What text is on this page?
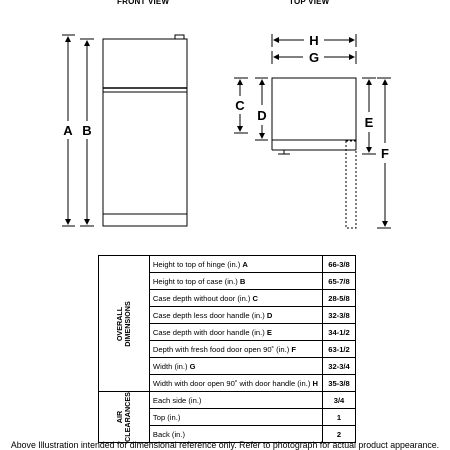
FRONT VIEW	TOP VIEW
A B
H
G
C
D	E
F
OVERALL DIMENSIONS	Height to top of hinge (in.) A	66-3/8
	Height to top of case (in.) B	65-7/8
	Case depth without door (in.) C	28-5/8
	Case depth less door handle (in.) D	32-3/8
	Case depth with door handle (in.) E	34-1/2
	Depth with fresh food door open 90˚ (in.) F	63-1/2
	Width (in.) G	32-3/4
	Width with door open 90˚ with door handle (in.) H	35-3/8

AIR CLEARANCES	Each side (in.)	3/4
	Top (in.)	1
	Back (in.)	2
Above Illustration intended for dimensional reference only. Refer to photograph for actual product appearance.
